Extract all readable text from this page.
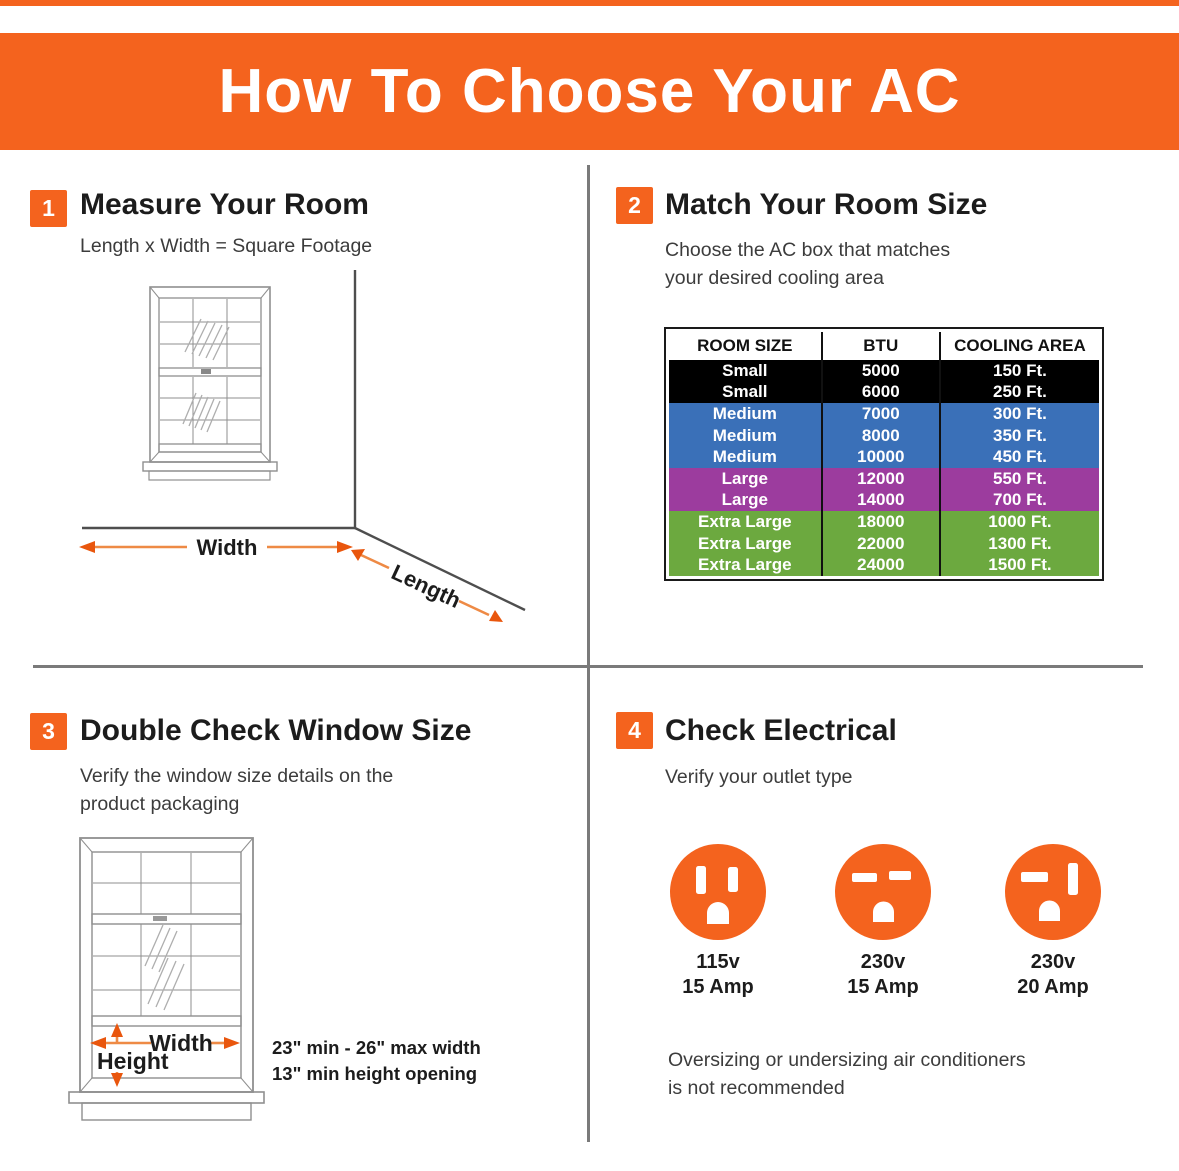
How To Choose Your AC
1 Measure Your Room
Length x Width = Square Footage
Width
Length
2 Match Your Room Size
Choose the AC box that matches
your desired cooling area
ROOM SIZE	BTU	COOLING AREA
Small	5000	150 Ft.
Small	6000	250 Ft.
Medium	7000	300 Ft.
Medium	8000	350 Ft.
Medium	10000	450 Ft.
Large	12000	550 Ft.
Large	14000	700 Ft.
Extra Large	18000	1000 Ft.
Extra Large	22000	1300 Ft.
Extra Large	24000	1500 Ft.
3 Double Check Window Size
Verify the window size details on the
product packaging
Width
Height
23" min - 26" max width
13" min height opening
4 Check Electrical
Verify your outlet type
115v
15 Amp
230v
15 Amp
230v
20 Amp
Oversizing or undersizing air conditioners
is not recommended
